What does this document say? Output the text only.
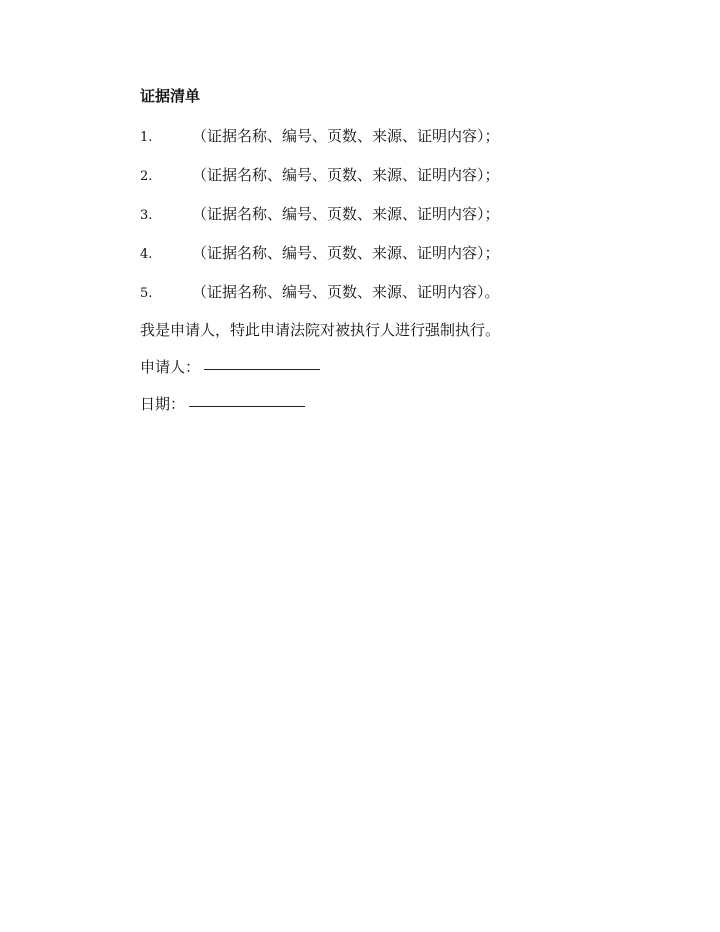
证据清单
1.	（证据名称、编号、页数、来源、证明内容）；
2.	（证据名称、编号、页数、来源、证明内容）；
3.	（证据名称、编号、页数、来源、证明内容）；
4.	（证据名称、编号、页数、来源、证明内容）；
5.	（证据名称、编号、页数、来源、证明内容）。
我是申请人，特此申请法院对被执行人进行强制执行。
申请人：
日期：
